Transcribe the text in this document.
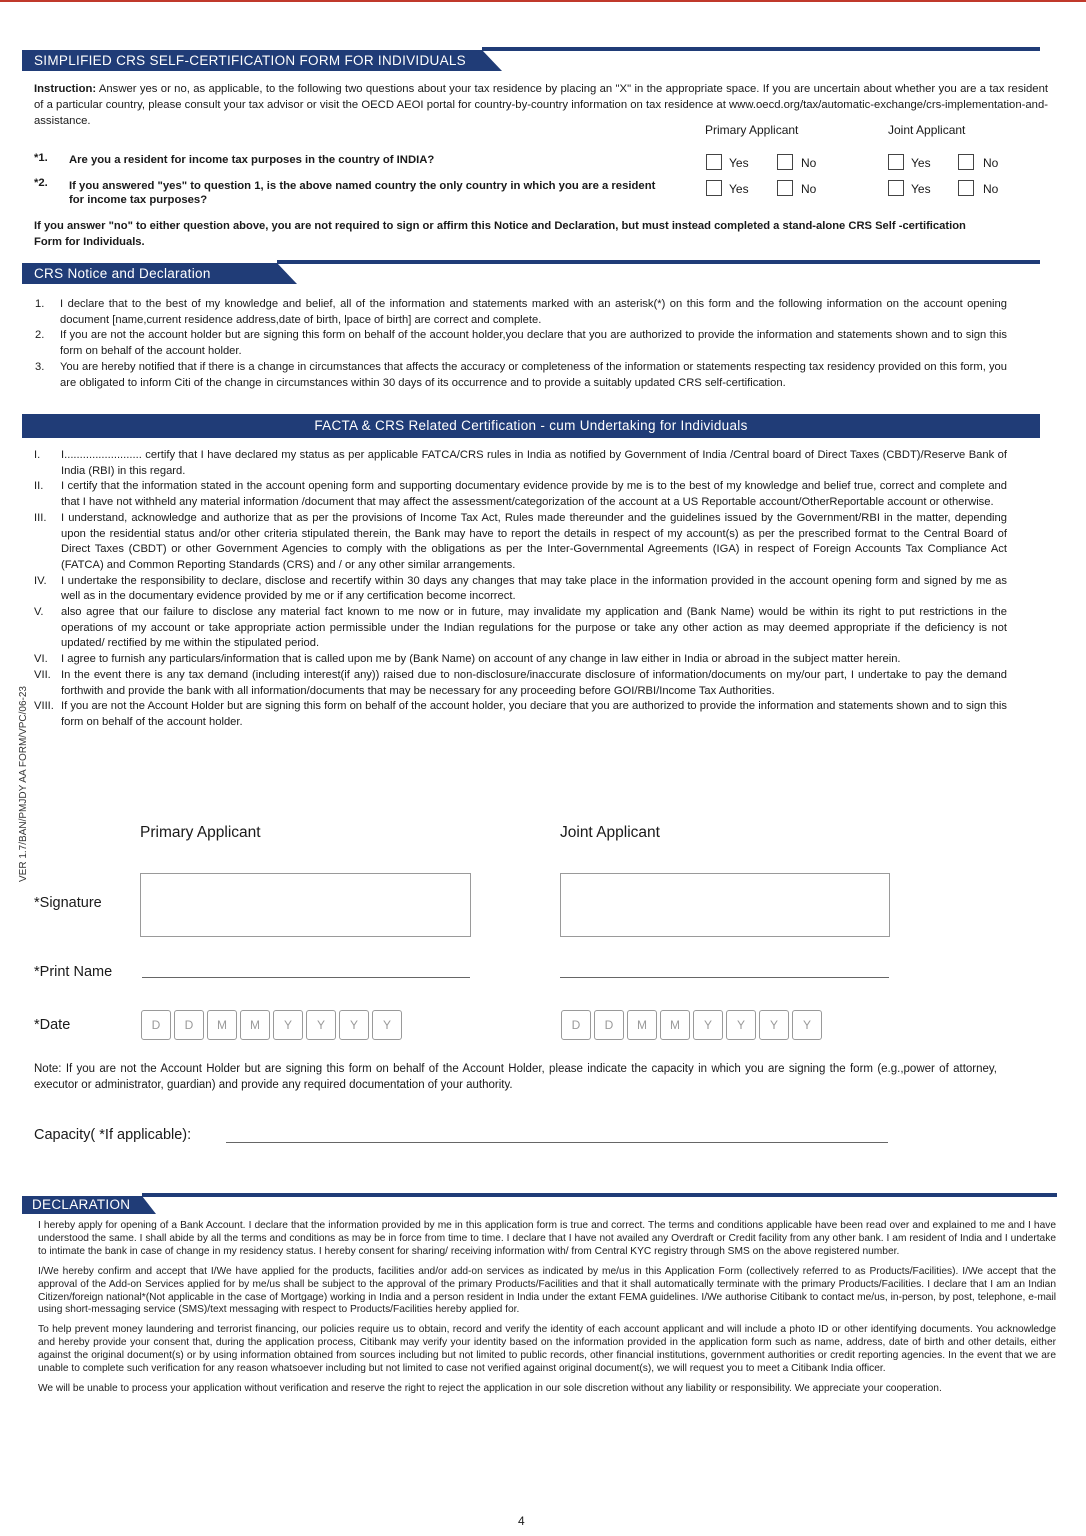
SIMPLIFIED CRS SELF-CERTIFICATION FORM FOR INDIVIDUALS
Instruction: Answer yes or no, as applicable, to the following two questions about your tax residence by placing an "X" in the appropriate space. If you are uncertain about whether you are a tax resident of a particular country, please consult your tax advisor or visit the OECD AEOI portal for country-by-country information on tax residence at www.oecd.org/tax/automatic-exchange/crs-implementation-and-assistance.
Primary Applicant	Joint Applicant
*1. Are you a resident for income tax purposes in the country of INDIA?
*2. If you answered "yes" to question 1, is the above named country the only country in which you are a resident for income tax purposes?
Yes	No	Yes	No
Yes	No	Yes	No
If you answer "no" to either question above, you are not required to sign or affirm this Notice and Declaration, but must instead completed a stand-alone CRS Self -certification Form for Individuals.
CRS Notice and Declaration
1. I declare that to the best of my knowledge and belief, all of the information and statements marked with an asterisk(*) on this form and the following information on the account opening document [name,current residence address,date of birth, lpace of birth] are correct and complete.
2. If you are not the account holder but are signing this form on behalf of the account holder,you declare that you are authorized to provide the information and statements shown and to sign this form on behalf of the account holder.
3. You are hereby notified that if there is a change in circumstances that affects the accuracy or completeness of the information or statements respecting tax residency provided on this form, you are obligated to inform Citi of the change in circumstances within 30 days of its occurrence and to provide a suitably updated CRS self-certification.
FACTA & CRS Related Certification - cum Undertaking for Individuals
I. I......................... certify that I have declared my status as per applicable FATCA/CRS rules in India as notified by Government of India /Central board of Direct Taxes (CBDT)/Reserve Bank of India (RBI) in this regard.
II. I certify that the information stated in the account opening form and supporting documentary evidence provide by me is to the best of my knowledge and belief true, correct and complete and that I have not withheld any material information /document that may affect the assessment/categorization of the account at a US Reportable account/OtherReportable account or otherwise.
III. I understand, acknowledge and authorize that as per the provisions of Income Tax Act, Rules made thereunder and the guidelines issued by the Government/RBI in the matter, depending upon the residential status and/or other criteria stipulated therein, the Bank may have to report the details in respect of my account(s) as per the prescribed format to the Central Board of Direct Taxes (CBDT) or other Government Agencies to comply with the obligations as per the Inter-Governmental Agreements (IGA) in respect of Foreign Accounts Tax Compliance Act (FATCA) and Common Reporting Standards (CRS) and / or any other similar arrangements.
IV. I undertake the responsibility to declare, disclose and recertify within 30 days any changes that may take place in the information provided in the account opening form and signed by me as well as in the documentary evidence provided by me or if any certification become incorrect.
V. also agree that our failure to disclose any material fact known to me now or in future, may invalidate my application and (Bank Name) would be within its right to put restrictions in the operations of my account or take appropriate action permissible under the Indian regulations for the purpose or take any other action as may deemed appropriate if the deficiency is not updated/ rectified by me within the stipulated period.
VI. I agree to furnish any particulars/information that is called upon me by (Bank Name) on account of any change in law either in India or abroad in the subject matter herein.
VII. In the event there is any tax demand (including interest(if any)) raised due to non-disclosure/inaccurate disclosure of information/documents on my/our part, I undertake to pay the demand forthwith and provide the bank with all information/documents that may be necessary for any proceeding before GOI/RBI/Income Tax Authorities.
VIII. If you are not the Account Holder but are signing this form on behalf of the account holder, you deciare that you are authorized to provide the information and statements shown and to sign this form on behalf of the account holder.
VER 1.7/BAN/PMJDY AA FORM/VPC/06-23	Primary Applicant	Joint Applicant
*Signature
*Print Name
*Date	D	D	M	M	Y	Y	Y	Y	D	D	M	M	Y	Y	Y	Y
Note: If you are not the Account Holder but are signing this form on behalf of the Account Holder, please indicate the capacity in which you are signing the form (e.g.,power of attorney, executor or administrator, guardian) and provide any required documentation of your authority.
Capacity( *If applicable):
DECLARATION
I hereby apply for opening of a Bank Account. I declare that the information provided by me in this application form is true and correct. The terms and conditions applicable have been read over and explained to me and I have understood the same. I shall abide by all the terms and conditions as may be in force from time to time. I declare that I have not availed any Overdraft or Credit facility from any other bank. I am resident of India and I undertake to intimate the bank in case of change in my residency status. I hereby consent for sharing/ receiving information with/ from Central KYC registry through SMS on the above registered number.
I/We hereby confirm and accept that I/We have applied for the products, facilities and/or add-on services as indicated by me/us in this Application Form (collectively referred to as Products/Facilities). I/We accept that the approval of the Add-on Services applied for by me/us shall be subject to the approval of the primary Products/Facilities and that it shall automatically terminate with the primary Products/Facilities. I declare that I am an Indian Citizen/foreign national*(Not applicable in the case of Mortgage) working in India and a person resident in India under the extant FEMA guidelines. I/We authorise Citibank to contact me/us, in-person, by post, telephone, e-mail using short-messaging service (SMS)/text messaging with respect to Products/Facilities hereby applied for.
To help prevent money laundering and terrorist financing, our policies require us to obtain, record and verify the identity of each account applicant and will include a photo ID or other identifying documents. You acknowledge and hereby provide your consent that, during the application process, Citibank may verify your identity based on the information provided in the application form such as name, address, date of birth and other details, either against the original document(s) or by using information obtained from sources including but not limited to public records, other financial institutions, government authorities or credit reporting agencies. In the event that we are unable to complete such verification for any reason whatsoever including but not limited to case not verified against original document(s), we will request you to meet a Citibank India officer.
We will be unable to process your application without verification and reserve the right to reject the application in our sole discretion without any liability or responsibility. We appreciate your cooperation.
4
